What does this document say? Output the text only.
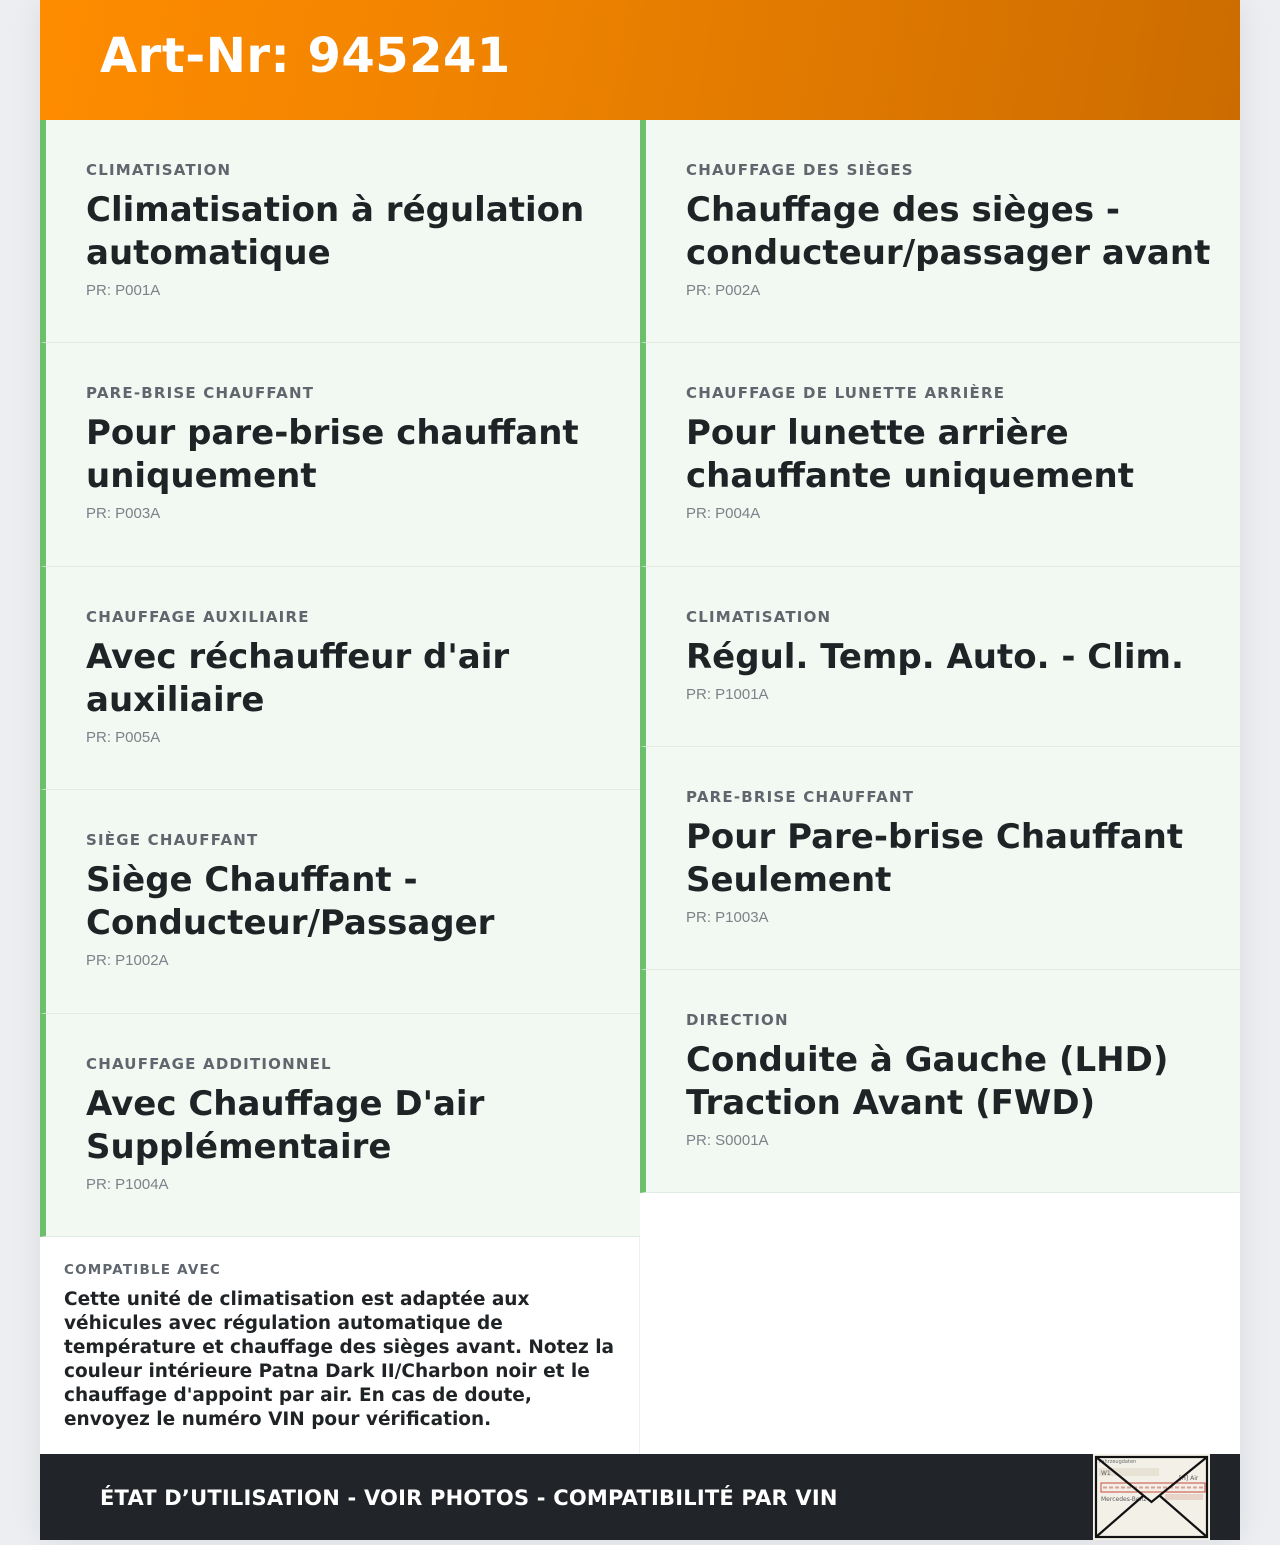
Art-Nr: 945241
CLIMATISATION
Climatisation à régulation automatique
PR: P001A
PARE-BRISE CHAUFFANT
Pour pare-brise chauffant uniquement
PR: P003A
CHAUFFAGE AUXILIAIRE
Avec réchauffeur d'air auxiliaire
PR: P005A
SIÈGE CHAUFFANT
Siège Chauffant - Conducteur/Passager
PR: P1002A
CHAUFFAGE ADDITIONNEL
Avec Chauffage D'air Supplémentaire
PR: P1004A
CHAUFFAGE DES SIÈGES
Chauffage des sièges - conducteur/passager avant
PR: P002A
CHAUFFAGE DE LUNETTE ARRIÈRE
Pour lunette arrière chauffante uniquement
PR: P004A
CLIMATISATION
Régul. Temp. Auto. - Clim.
PR: P1001A
PARE-BRISE CHAUFFANT
Pour Pare-brise Chauffant Seulement
PR: P1003A
DIRECTION
Conduite à Gauche (LHD) Traction Avant (FWD)
PR: S0001A
COMPATIBLE AVEC
Cette unité de climatisation est adaptée aux véhicules avec régulation automatique de température et chauffage des sièges avant. Notez la couleur intérieure Patna Dark II/Charbon noir et le chauffage d'appoint par air. En cas de doute, envoyez le numéro VIN pour vérification.
ÉTAT D’UTILISATION - VOIR PHOTOS - COMPATIBILITÉ PAR VIN
Fahrzeugdaten
W1
[H] Air
Mercedes-Benz
